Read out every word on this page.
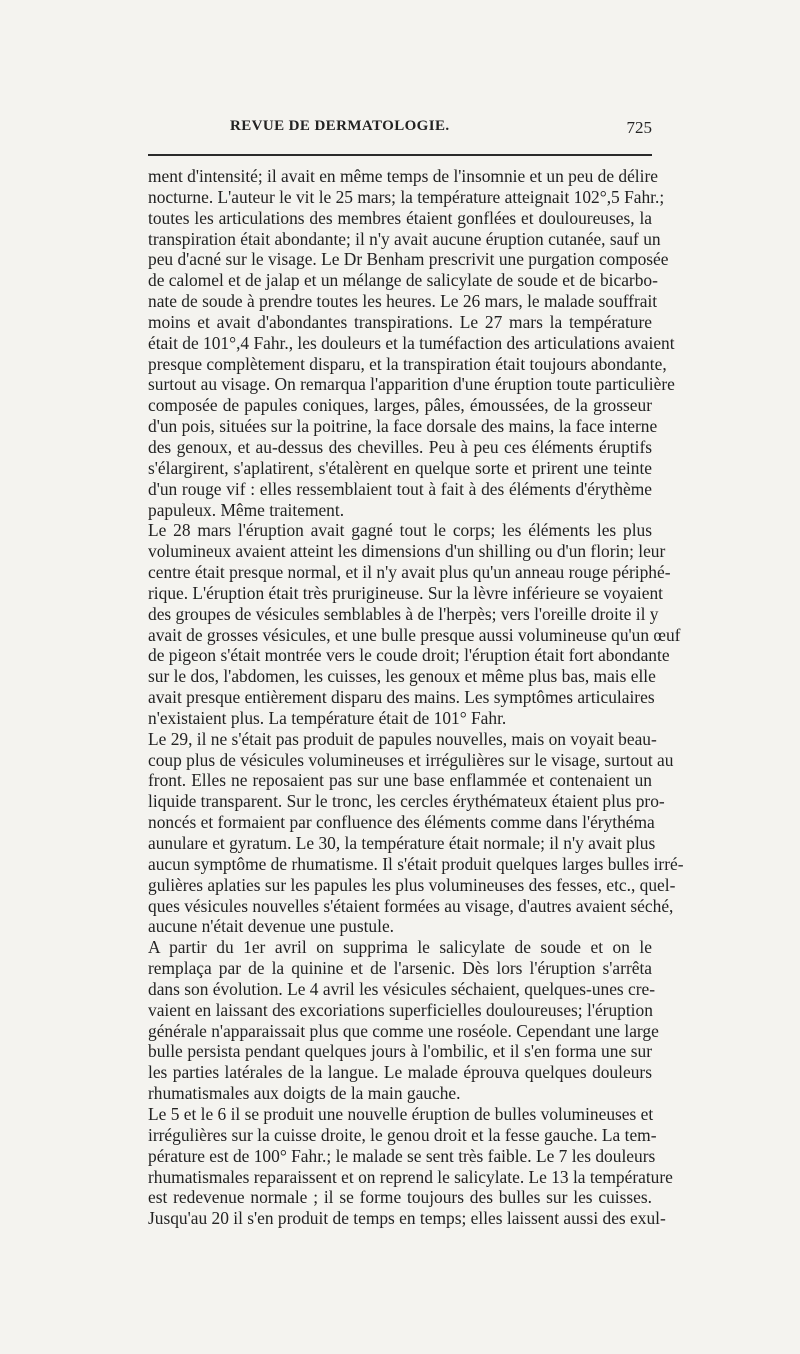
REVUE DE DERMATOLOGIE.	725
ment d'intensité; il avait en même temps de l'insomnie et un peu de délire
nocturne. L'auteur le vit le 25 mars; la température atteignait 102°,5 Fahr.;
toutes les articulations des membres étaient gonflées et douloureuses, la
transpiration était abondante; il n'y avait aucune éruption cutanée, sauf un
peu d'acné sur le visage. Le Dr Benham prescrivit une purgation composée
de calomel et de jalap et un mélange de salicylate de soude et de bicarbo-
nate de soude à prendre toutes les heures. Le 26 mars, le malade souffrait
moins et avait d'abondantes transpirations. Le 27 mars la température
était de 101°,4 Fahr., les douleurs et la tuméfaction des articulations avaient
presque complètement disparu, et la transpiration était toujours abondante,
surtout au visage. On remarqua l'apparition d'une éruption toute particulière
composée de papules coniques, larges, pâles, émoussées, de la grosseur
d'un pois, situées sur la poitrine, la face dorsale des mains, la face interne
des genoux, et au-dessus des chevilles. Peu à peu ces éléments éruptifs
s'élargirent, s'aplatirent, s'étalèrent en quelque sorte et prirent une teinte
d'un rouge vif : elles ressemblaient tout à fait à des éléments d'érythème
papuleux. Même traitement.
Le 28 mars l'éruption avait gagné tout le corps; les éléments les plus
volumineux avaient atteint les dimensions d'un shilling ou d'un florin; leur
centre était presque normal, et il n'y avait plus qu'un anneau rouge périphé-
rique. L'éruption était très prurigineuse. Sur la lèvre inférieure se voyaient
des groupes de vésicules semblables à de l'herpès; vers l'oreille droite il y
avait de grosses vésicules, et une bulle presque aussi volumineuse qu'un œuf
de pigeon s'était montrée vers le coude droit; l'éruption était fort abondante
sur le dos, l'abdomen, les cuisses, les genoux et même plus bas, mais elle
avait presque entièrement disparu des mains. Les symptômes articulaires
n'existaient plus. La température était de 101° Fahr.
Le 29, il ne s'était pas produit de papules nouvelles, mais on voyait beau-
coup plus de vésicules volumineuses et irrégulières sur le visage, surtout au
front. Elles ne reposaient pas sur une base enflammée et contenaient un
liquide transparent. Sur le tronc, les cercles érythémateux étaient plus pro-
noncés et formaient par confluence des éléments comme dans l'érythéma
aunulare et gyratum. Le 30, la température était normale; il n'y avait plus
aucun symptôme de rhumatisme. Il s'était produit quelques larges bulles irré-
gulières aplaties sur les papules les plus volumineuses des fesses, etc., quel-
ques vésicules nouvelles s'étaient formées au visage, d'autres avaient séché,
aucune n'était devenue une pustule.
A partir du 1er avril on supprima le salicylate de soude et on le
remplaça par de la quinine et de l'arsenic. Dès lors l'éruption s'arrêta
dans son évolution. Le 4 avril les vésicules séchaient, quelques-unes cre-
vaient en laissant des excoriations superficielles douloureuses; l'éruption
générale n'apparaissait plus que comme une roséole. Cependant une large
bulle persista pendant quelques jours à l'ombilic, et il s'en forma une sur
les parties latérales de la langue. Le malade éprouva quelques douleurs
rhumatismales aux doigts de la main gauche.
Le 5 et le 6 il se produit une nouvelle éruption de bulles volumineuses et
irrégulières sur la cuisse droite, le genou droit et la fesse gauche. La tem-
pérature est de 100° Fahr.; le malade se sent très faible. Le 7 les douleurs
rhumatismales reparaissent et on reprend le salicylate. Le 13 la température
est redevenue normale ; il se forme toujours des bulles sur les cuisses.
Jusqu'au 20 il s'en produit de temps en temps; elles laissent aussi des exul-
